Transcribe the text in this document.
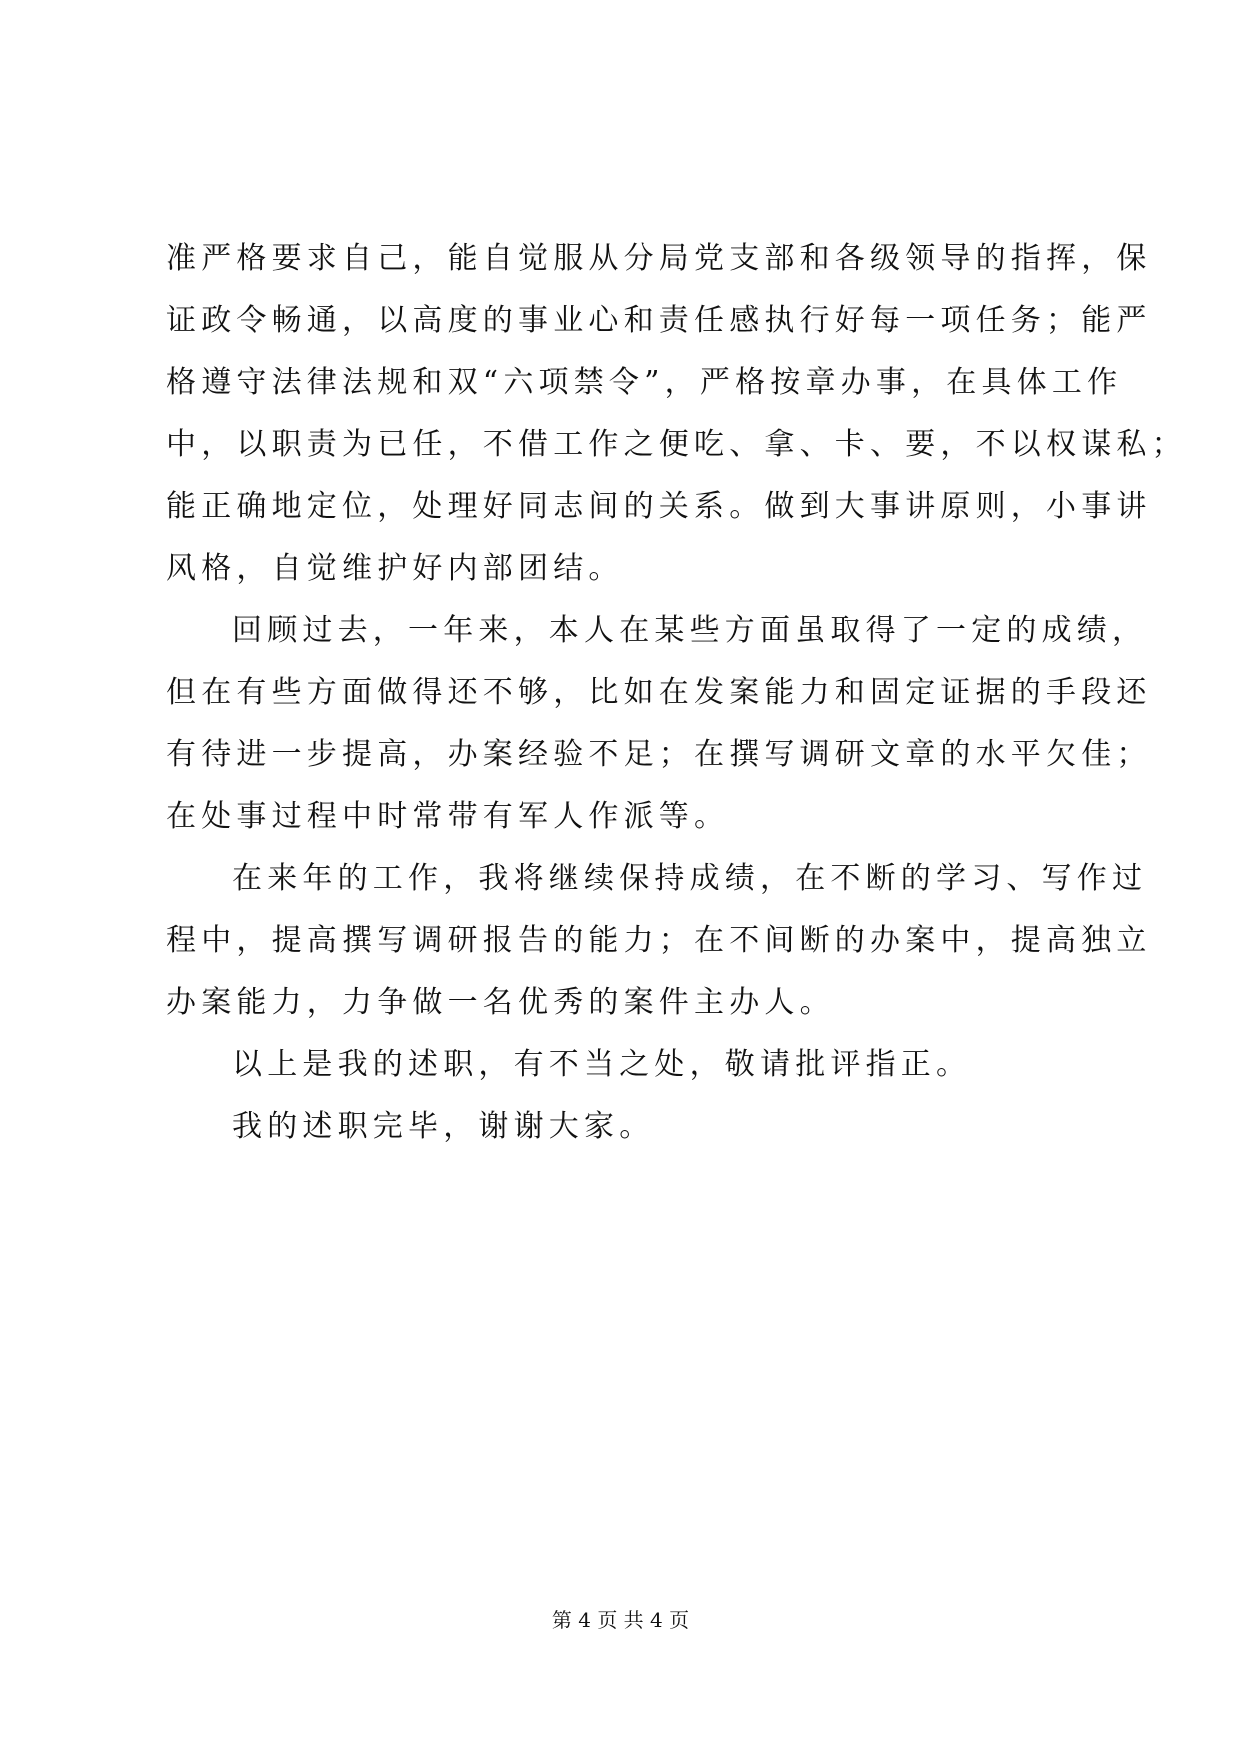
准严格要求自己，能自觉服从分局党支部和各级领导的指挥，保
证政令畅通，以高度的事业心和责任感执行好每一项任务；能严
格遵守法律法规和双“六项禁令”，严格按章办事，在具体工作
中，以职责为已任，不借工作之便吃、拿、卡、要，不以权谋私；
能正确地定位，处理好同志间的关系。做到大事讲原则，小事讲
风格，自觉维护好内部团结。
回顾过去，一年来，本人在某些方面虽取得了一定的成绩，
但在有些方面做得还不够，比如在发案能力和固定证据的手段还
有待进一步提高，办案经验不足；在撰写调研文章的水平欠佳；
在处事过程中时常带有军人作派等。
在来年的工作，我将继续保持成绩，在不断的学习、写作过
程中，提高撰写调研报告的能力；在不间断的办案中，提高独立
办案能力，力争做一名优秀的案件主办人。
以上是我的述职，有不当之处，敬请批评指正。
我的述职完毕，谢谢大家。
第 4 页 共 4 页
